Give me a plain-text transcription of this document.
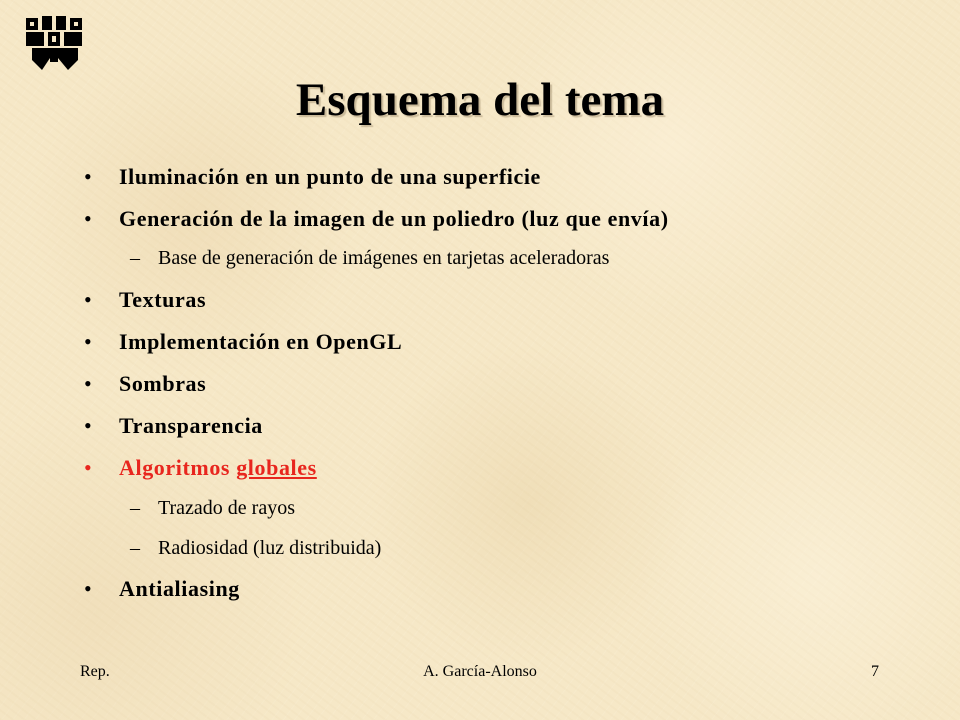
Esquema del tema
• Iluminación en un punto de una superficie
• Generación de la imagen de un poliedro (luz que envía)
– Base de generación de imágenes en tarjetas aceleradoras
• Texturas
• Implementación en OpenGL
• Sombras
• Transparencia
• Algoritmos globales
– Trazado de rayos
– Radiosidad (luz distribuida)
• Antialiasing
Rep.	A. García-Alonso	7
